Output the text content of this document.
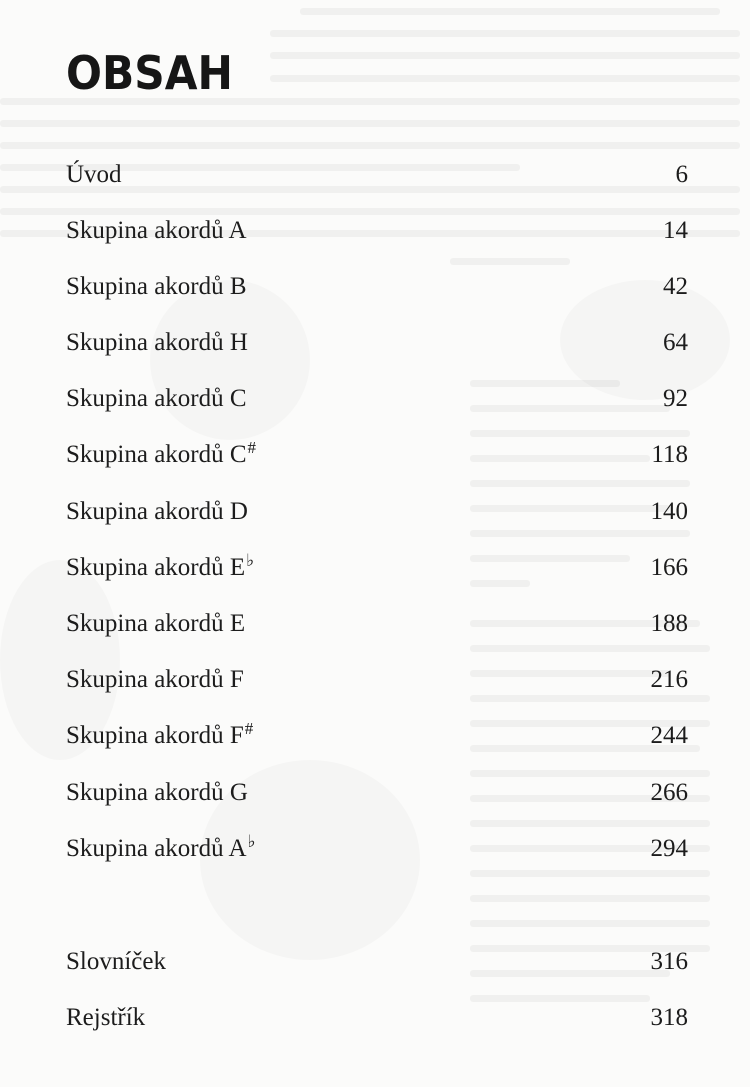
OBSAH
Úvod	6
Skupina akordů A	14
Skupina akordů B	42
Skupina akordů H	64
Skupina akordů C	92
Skupina akordů C#	118
Skupina akordů D	140
Skupina akordů E♭	166
Skupina akordů E	188
Skupina akordů F	216
Skupina akordů F#	244
Skupina akordů G	266
Skupina akordů A♭	294
Slovníček	316
Rejstřík	318
